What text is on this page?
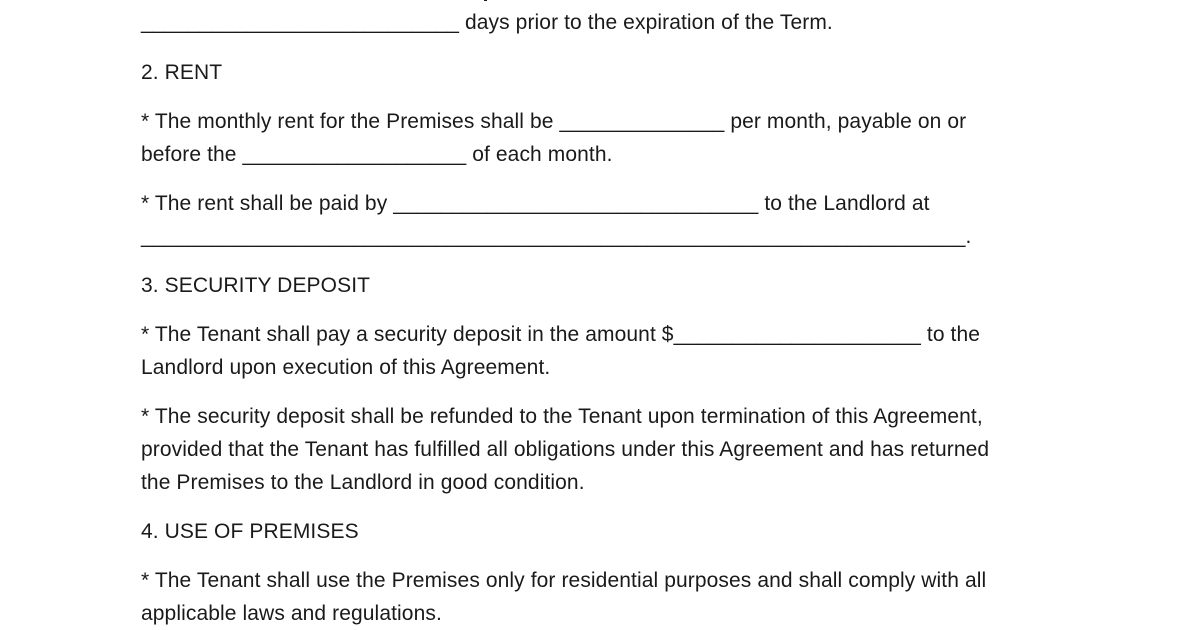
___________________________ days prior to the expiration of the Term.
2. RENT
* The monthly rent for the Premises shall be ______________ per month, payable on or
before the ___________________ of each month.
* The rent shall be paid by _______________________________ to the Landlord at
______________________________________________________________________.
3. SECURITY DEPOSIT
* The Tenant shall pay a security deposit in the amount $_____________________ to the
Landlord upon execution of this Agreement.
* The security deposit shall be refunded to the Tenant upon termination of this Agreement,
provided that the Tenant has fulfilled all obligations under this Agreement and has returned
the Premises to the Landlord in good condition.
4. USE OF PREMISES
* The Tenant shall use the Premises only for residential purposes and shall comply with all
applicable laws and regulations.
